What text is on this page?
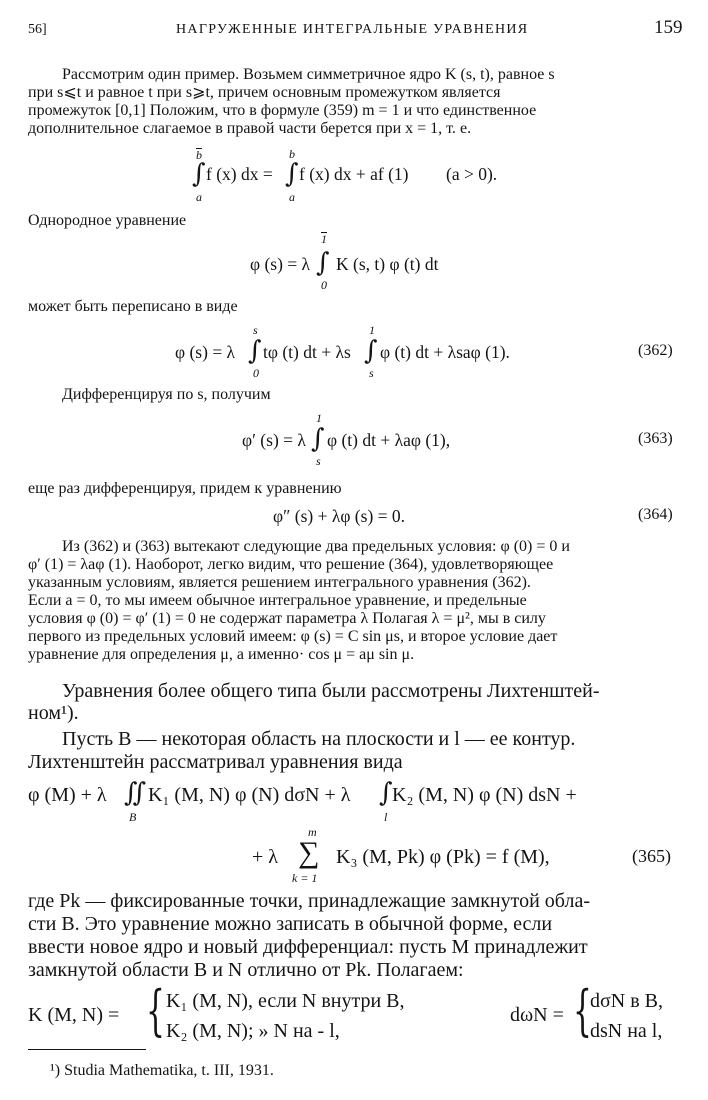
56]	НАГРУЖЕННЫЕ ИНТЕГРАЛЬНЫЕ УРАВНЕНИЯ	159
Рассмотрим один пример. Возьмем симметричное ядро K (s, t), равное s
при s⩽t и равное t при s⩾t, причем основным промежутком является
промежуток [0,1] Положим, что в формуле (359) m = 1 и что единственное
дополнительное слагаемое в правой части берется при x = 1, т. е.
b
∫
a
f (x) dx =
b
∫
a
f (x) dx + af (1) (a > 0).
Однородное уравнение
φ (s) = λ
1
∫
0
K (s, t) φ (t) dt
может быть переписано в виде
φ (s) = λ
s
∫
0
tφ (t) dt + λs
1
∫
s
φ (t) dt + λsaφ (1).	(362)
Дифференцируя по s, получим
φ′ (s) = λ
1
∫
s
φ (t) dt + λaφ (1),	(363)
еще раз дифференцируя, придем к уравнению
φ″ (s) + λφ (s) = 0.	(364)
Из (362) и (363) вытекают следующие два предельных условия: φ (0) = 0 и
φ′ (1) = λaφ (1). Наоборот, легко видим, что решение (364), удовлетворяющее
указанным условиям, является решением интегрального уравнения (362).
Если a = 0, то мы имеем обычное интегральное уравнение, и предельные
условия φ (0) = φ′ (1) = 0 не содержат параметра λ Полагая λ = μ², мы в силу
первого из предельных условий имеем: φ (s) = C sin μs, и второе условие дает
уравнение для определения μ, а именно· cos μ = aμ sin μ.
Уравнения более общего типа были рассмотрены Лихтенштей-
ном¹).
Пусть B — некоторая область на плоскости и l — ее контур.
Лихтенштейн рассматривал уравнения вида
φ (M) + λ ∬
B
K₁ (M, N) φ (N) dσN + λ ∫
l
K₂ (M, N) φ (N) dsN +
+ λ
m
∑
k = 1
K₃ (M, Pk) φ (Pk) = f (M),	(365)
где Pk — фиксированные точки, принадлежащие замкнутой обла-
сти B. Это уравнение можно записать в обычной форме, если
ввести новое ядро и новый дифференциал: пусть M принадлежит
замкнутой области B и N отлично от Pk. Полагаем:
K (M, N) = { K₁ (M, N), если N внутри B,
K₂ (M, N); » N на - l,
dωN = {
dσN в B,
dsN на l,
¹) Studia Mathematika, t. III, 1931.
